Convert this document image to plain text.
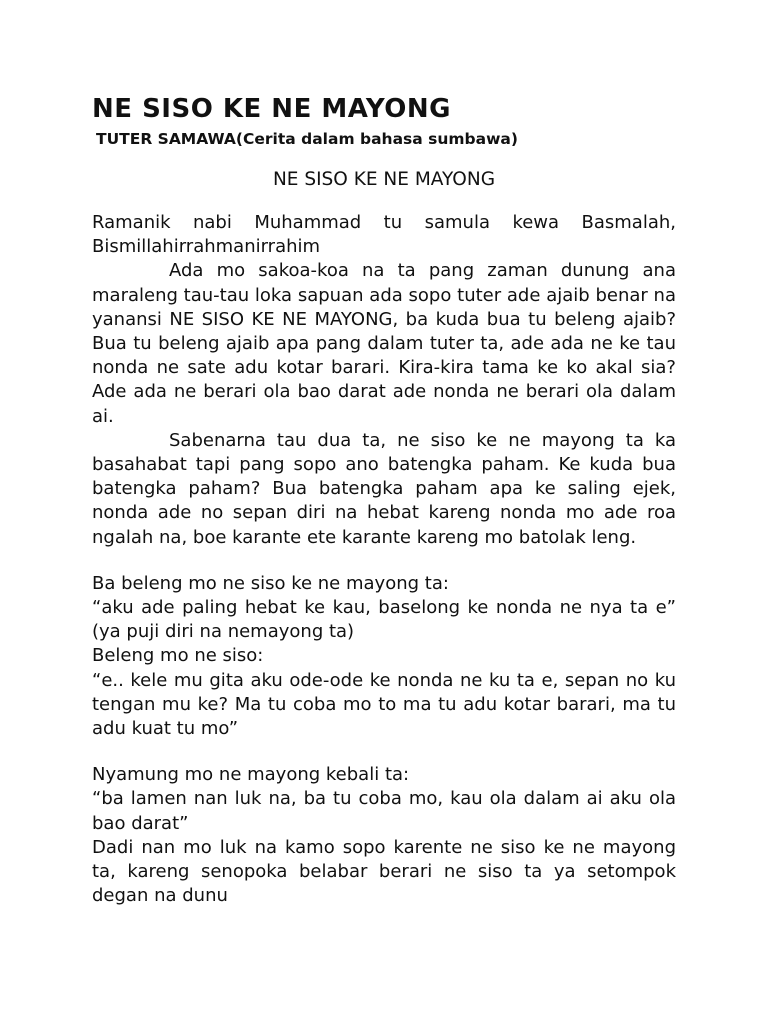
NE SISO KE NE MAYONG
TUTER SAMAWA(Cerita dalam bahasa sumbawa)
NE SISO KE NE MAYONG

Ramanik nabi Muhammad tu samula kewa Basmalah, Bismillahirrahmanirrahim

Ada mo sakoa-koa na ta pang zaman dunung ana maraleng tau-tau loka sapuan ada sopo tuter ade ajaib benar na yanansi NE SISO KE NE MAYONG, ba kuda bua tu beleng ajaib? Bua tu beleng ajaib apa pang dalam tuter ta, ade ada ne ke tau nonda ne sate adu kotar barari. Kira-kira tama ke ko akal sia? Ade ada ne berari ola bao darat ade nonda ne berari ola dalam ai.

Sabenarna tau dua ta, ne siso ke ne mayong ta ka basahabat tapi pang sopo ano batengka paham. Ke kuda bua batengka paham? Bua batengka paham apa ke saling ejek, nonda ade no sepan diri na hebat kareng nonda mo ade roa ngalah na, boe karante ete karante kareng mo batolak leng.

Ba beleng mo ne siso ke ne mayong ta:

“aku ade paling hebat ke kau, baselong ke nonda ne nya ta e” (ya puji diri na nemayong ta)

Beleng mo ne siso:

“e.. kele mu gita aku ode-ode ke nonda ne ku ta e, sepan no ku tengan mu ke? Ma tu coba mo to ma tu adu kotar barari, ma tu adu kuat tu mo”

Nyamung mo ne mayong kebali ta:

“ba lamen nan luk na, ba tu coba mo, kau ola dalam ai aku ola bao darat”

Dadi nan mo luk na kamo sopo karente ne siso ke ne mayong ta, kareng senopoka belabar berari ne siso ta ya setompok degan na dunu
